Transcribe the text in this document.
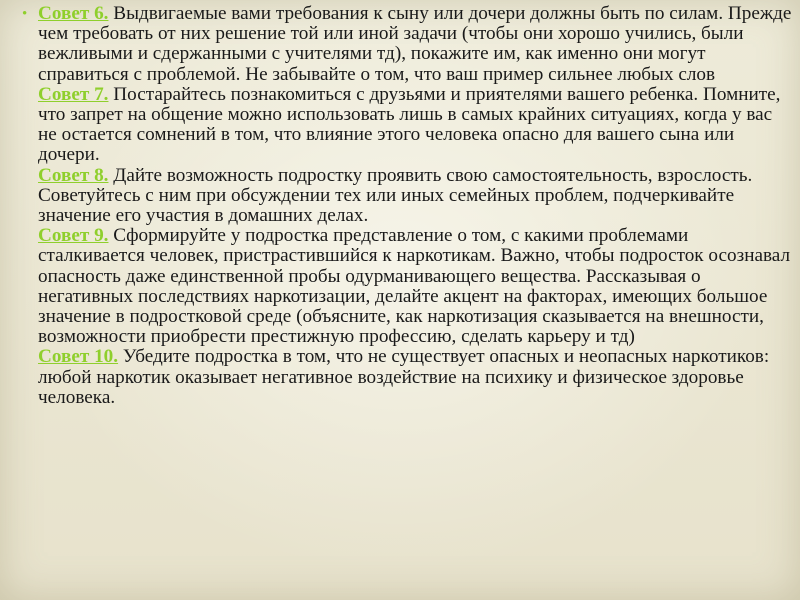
• Совет 6. Выдвигаемые вами требования к сыну или дочери должны быть по силам. Прежде чем требовать от них решение той или иной задачи (чтобы они хорошо учились, были вежливыми и сдержанными с учителями тд), покажите им, как именно они могут справиться с проблемой. Не забывайте о том, что ваш пример сильнее любых слов

Совет 7. Постарайтесь познакомиться с друзьями и приятелями вашего ребенка. Помните, что запрет на общение можно использовать лишь в самых крайних ситуациях, когда у вас не остается сомнений в том, что влияние этого человека опасно для вашего сына или дочери.

Совет 8. Дайте возможность подростку проявить свою самостоятельность, взрослость. Советуйтесь с ним при обсуждении тех или иных семейных проблем, подчеркивайте значение его участия в домашних делах.

Совет 9. Сформируйте у подростка представление о том, с какими проблемами сталкивается человек, пристрастившийся к наркотикам. Важно, чтобы подросток осознавал опасность даже единственной пробы одурманивающего вещества. Рассказывая о негативных последствиях наркотизации, делайте акцент на факторах, имеющих большое значение в подростковой среде (объясните, как наркотизация сказывается на внешности, возможности приобрести престижную профессию, сделать карьеру и тд)

Совет 10. Убедите подростка в том, что не существует опасных и неопасных наркотиков: любой наркотик оказывает негативное воздействие на психику и физическое здоровье человека.
